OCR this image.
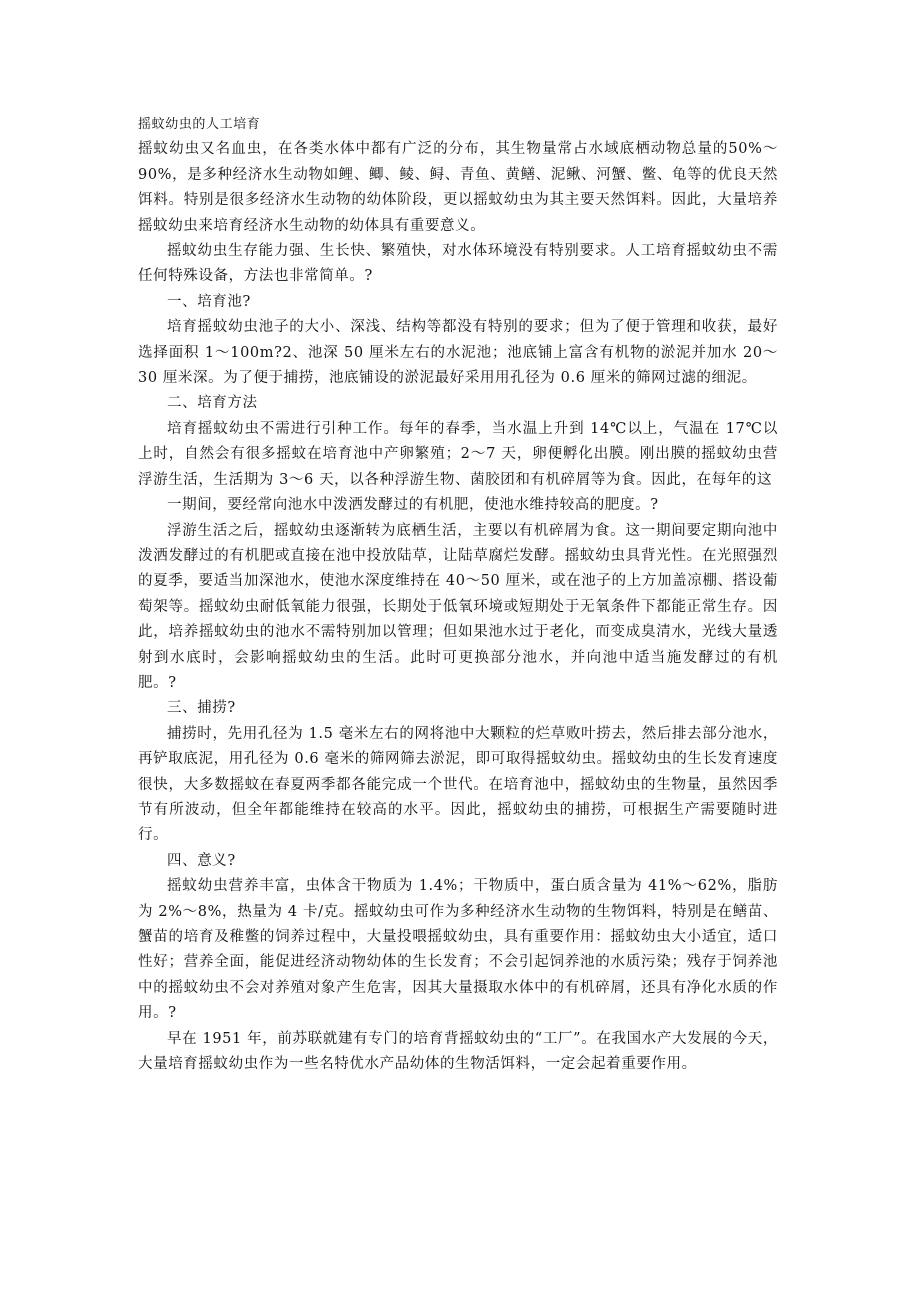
摇蚊幼虫的人工培育

摇蚊幼虫又名血虫，在各类水体中都有广泛的分布，其生物量常占水域底栖动物总量的50%～90%，是多种经济水生动物如鲤、鲫、鲮、鲟、青鱼、黄鳝、泥鳅、河蟹、鳖、龟等的优良天然饵料。特别是很多经济水生动物的幼体阶段，更以摇蚊幼虫为其主要天然饵料。因此，大量培养摇蚊幼虫来培育经济水生动物的幼体具有重要意义。

摇蚊幼虫生存能力强、生长快、繁殖快，对水体环境没有特别要求。人工培育摇蚊幼虫不需任何特殊设备，方法也非常简单。?

一、培育池?

培育摇蚊幼虫池子的大小、深浅、结构等都没有特别的要求；但为了便于管理和收获，最好选择面积 1～100m?2、池深 50 厘米左右的水泥池；池底铺上富含有机物的淤泥并加水 20～30 厘米深。为了便于捕捞，池底铺设的淤泥最好采用用孔径为 0.6 厘米的筛网过滤的细泥。

二、培育方法

培育摇蚊幼虫不需进行引种工作。每年的春季，当水温上升到 14℃以上，气温在 17℃以上时，自然会有很多摇蚊在培育池中产卵繁殖；2～7 天，卵便孵化出膜。刚出膜的摇蚊幼虫营浮游生活，生活期为 3～6 天，以各种浮游生物、菌胶团和有机碎屑等为食。因此，在每年的这

一期间，要经常向池水中泼洒发酵过的有机肥，使池水维持较高的肥度。?

浮游生活之后，摇蚊幼虫逐渐转为底栖生活，主要以有机碎屑为食。这一期间要定期向池中泼洒发酵过的有机肥或直接在池中投放陆草，让陆草腐烂发酵。摇蚊幼虫具背光性。在光照强烈的夏季，要适当加深池水，使池水深度维持在 40～50 厘米，或在池子的上方加盖凉棚、搭设葡萄架等。摇蚊幼虫耐低氧能力很强，长期处于低氧环境或短期处于无氧条件下都能正常生存。因此，培养摇蚊幼虫的池水不需特别加以管理；但如果池水过于老化，而变成臭清水，光线大量透射到水底时，会影响摇蚊幼虫的生活。此时可更换部分池水，并向池中适当施发酵过的有机肥。?

三、捕捞?

捕捞时，先用孔径为 1.5 毫米左右的网将池中大颗粒的烂草败叶捞去，然后排去部分池水，再铲取底泥，用孔径为 0.6 毫米的筛网筛去淤泥，即可取得摇蚊幼虫。摇蚊幼虫的生长发育速度很快，大多数摇蚊在春夏两季都各能完成一个世代。在培育池中，摇蚊幼虫的生物量，虽然因季节有所波动，但全年都能维持在较高的水平。因此，摇蚊幼虫的捕捞，可根据生产需要随时进行。

四、意义?

摇蚊幼虫营养丰富，虫体含干物质为 1.4%；干物质中，蛋白质含量为 41%～62%，脂肪为 2%～8%，热量为 4 卡/克。摇蚊幼虫可作为多种经济水生动物的生物饵料，特别是在鳝苗、蟹苗的培育及稚鳖的饲养过程中，大量投喂摇蚊幼虫，具有重要作用：摇蚊幼虫大小适宜，适口性好；营养全面，能促进经济动物幼体的生长发育；不会引起饲养池的水质污染；残存于饲养池中的摇蚊幼虫不会对养殖对象产生危害，因其大量摄取水体中的有机碎屑，还具有净化水质的作用。?

早在 1951 年，前苏联就建有专门的培育背摇蚊幼虫的“工厂”。在我国水产大发展的今天，大量培育摇蚊幼虫作为一些名特优水产品幼体的生物活饵料，一定会起着重要作用。
